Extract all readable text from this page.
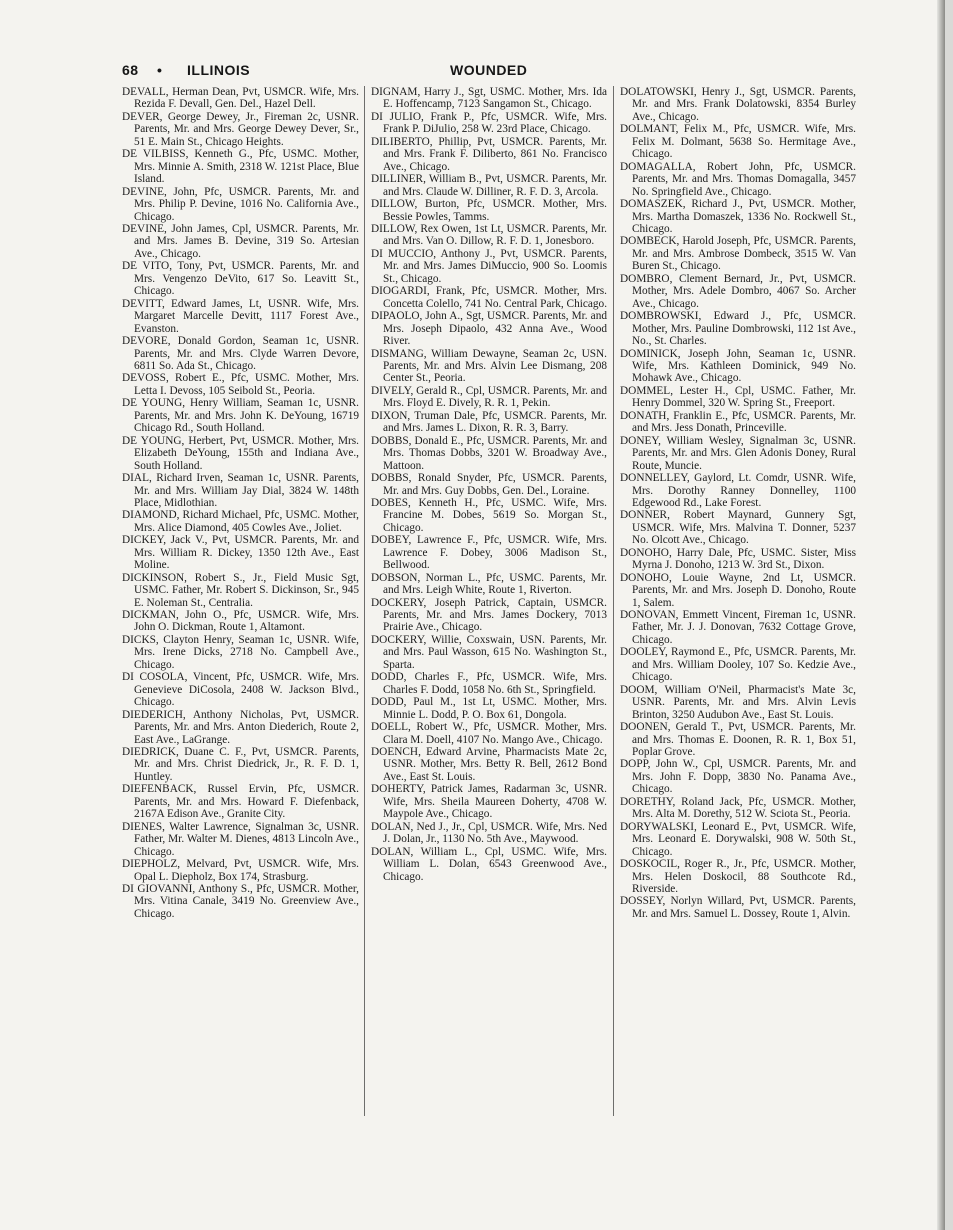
68 • ILLINOIS	WOUNDED

DEVALL, Herman Dean, Pvt, USMCR. Wife, Mrs. Rezida F. Devall, Gen. Del., Hazel Dell.

DEVER, George Dewey, Jr., Fireman 2c, USNR. Parents, Mr. and Mrs. George Dewey Dever, Sr., 51 E. Main St., Chicago Heights.

DE VILBISS, Kenneth G., Pfc, USMC. Mother, Mrs. Minnie A. Smith, 2318 W. 121st Place, Blue Island.

DEVINE, John, Pfc, USMCR. Parents, Mr. and Mrs. Philip P. Devine, 1016 No. California Ave., Chicago.

DEVINE, John James, Cpl, USMCR. Parents, Mr. and Mrs. James B. Devine, 319 So. Artesian Ave., Chicago.

DE VITO, Tony, Pvt, USMCR. Parents, Mr. and Mrs. Vengenzo DeVito, 617 So. Leavitt St., Chicago.

DEVITT, Edward James, Lt, USNR. Wife, Mrs. Margaret Marcelle Devitt, 1117 Forest Ave., Evanston.

DEVORE, Donald Gordon, Seaman 1c, USNR. Parents, Mr. and Mrs. Clyde Warren Devore, 6811 So. Ada St., Chicago.

DEVOSS, Robert E., Pfc, USMC. Mother, Mrs. Letta I. Devoss, 105 Seibold St., Peoria.

DE YOUNG, Henry William, Seaman 1c, USNR. Parents, Mr. and Mrs. John K. DeYoung, 16719 Chicago Rd., South Holland.

DE YOUNG, Herbert, Pvt, USMCR. Mother, Mrs. Elizabeth DeYoung, 155th and Indiana Ave., South Holland.

DIAL, Richard Irven, Seaman 1c, USNR. Parents, Mr. and Mrs. William Jay Dial, 3824 W. 148th Place, Midlothian.

DIAMOND, Richard Michael, Pfc, USMC. Mother, Mrs. Alice Diamond, 405 Cowles Ave., Joliet.

DICKEY, Jack V., Pvt, USMCR. Parents, Mr. and Mrs. William R. Dickey, 1350 12th Ave., East Moline.

DICKINSON, Robert S., Jr., Field Music Sgt, USMC. Father, Mr. Robert S. Dickinson, Sr., 945 E. Noleman St., Centralia.

DICKMAN, John O., Pfc, USMCR. Wife, Mrs. John O. Dickman, Route 1, Altamont.

DICKS, Clayton Henry, Seaman 1c, USNR. Wife, Mrs. Irene Dicks, 2718 No. Campbell Ave., Chicago.

DI COSOLA, Vincent, Pfc, USMCR. Wife, Mrs. Genevieve DiCosola, 2408 W. Jackson Blvd., Chicago.

DIEDERICH, Anthony Nicholas, Pvt, USMCR. Parents, Mr. and Mrs. Anton Diederich, Route 2, East Ave., LaGrange.

DIEDRICK, Duane C. F., Pvt, USMCR. Parents, Mr. and Mrs. Christ Diedrick, Jr., R. F. D. 1, Huntley.

DIEFENBACK, Russel Ervin, Pfc, USMCR. Parents, Mr. and Mrs. Howard F. Diefenback, 2167A Edison Ave., Granite City.

DIENES, Walter Lawrence, Signalman 3c, USNR. Father, Mr. Walter M. Dienes, 4813 Lincoln Ave., Chicago.

DIEPHOLZ, Melvard, Pvt, USMCR. Wife, Mrs. Opal L. Diepholz, Box 174, Strasburg.

DI GIOVANNI, Anthony S., Pfc, USMCR. Mother, Mrs. Vitina Canale, 3419 No. Greenview Ave., Chicago.

DIGNAM, Harry J., Sgt, USMC. Mother, Mrs. Ida E. Hoffencamp, 7123 Sangamon St., Chicago.

DI JULIO, Frank P., Pfc, USMCR. Wife, Mrs. Frank P. DiJulio, 258 W. 23rd Place, Chicago.

DILIBERTO, Phillip, Pvt, USMCR. Parents, Mr. and Mrs. Frank F. Diliberto, 861 No. Francisco Ave., Chicago.

DILLINER, William B., Pvt, USMCR. Parents, Mr. and Mrs. Claude W. Dilliner, R. F. D. 3, Arcola.

DILLOW, Burton, Pfc, USMCR. Mother, Mrs. Bessie Powles, Tamms.

DILLOW, Rex Owen, 1st Lt, USMCR. Parents, Mr. and Mrs. Van O. Dillow, R. F. D. 1, Jonesboro.

DI MUCCIO, Anthony J., Pvt, USMCR. Parents, Mr. and Mrs. James DiMuccio, 900 So. Loomis St., Chicago.

DIOGARDI, Frank, Pfc, USMCR. Mother, Mrs. Concetta Colello, 741 No. Central Park, Chicago.

DIPAOLO, John A., Sgt, USMCR. Parents, Mr. and Mrs. Joseph Dipaolo, 432 Anna Ave., Wood River.

DISMANG, William Dewayne, Seaman 2c, USN. Parents, Mr. and Mrs. Alvin Lee Dismang, 208 Center St., Peoria.

DIVELY, Gerald R., Cpl, USMCR. Parents, Mr. and Mrs. Floyd E. Dively, R. R. 1, Pekin.

DIXON, Truman Dale, Pfc, USMCR. Parents, Mr. and Mrs. James L. Dixon, R. R. 3, Barry.

DOBBS, Donald E., Pfc, USMCR. Parents, Mr. and Mrs. Thomas Dobbs, 3201 W. Broadway Ave., Mattoon.

DOBBS, Ronald Snyder, Pfc, USMCR. Parents, Mr. and Mrs. Guy Dobbs, Gen. Del., Loraine.

DOBES, Kenneth H., Pfc, USMC. Wife, Mrs. Francine M. Dobes, 5619 So. Morgan St., Chicago.

DOBEY, Lawrence F., Pfc, USMCR. Wife, Mrs. Lawrence F. Dobey, 3006 Madison St., Bellwood.

DOBSON, Norman L., Pfc, USMC. Parents, Mr. and Mrs. Leigh White, Route 1, Riverton.

DOCKERY, Joseph Patrick, Captain, USMCR. Parents, Mr. and Mrs. James Dockery, 7013 Prairie Ave., Chicago.

DOCKERY, Willie, Coxswain, USN. Parents, Mr. and Mrs. Paul Wasson, 615 No. Washington St., Sparta.

DODD, Charles F., Pfc, USMCR. Wife, Mrs. Charles F. Dodd, 1058 No. 6th St., Springfield.

DODD, Paul M., 1st Lt, USMC. Mother, Mrs. Minnie L. Dodd, P. O. Box 61, Dongola.

DOELL, Robert W., Pfc, USMCR. Mother, Mrs. Clara M. Doell, 4107 No. Mango Ave., Chicago.

DOENCH, Edward Arvine, Pharmacists Mate 2c, USNR. Mother, Mrs. Betty R. Bell, 2612 Bond Ave., East St. Louis.

DOHERTY, Patrick James, Radarman 3c, USNR. Wife, Mrs. Sheila Maureen Doherty, 4708 W. Maypole Ave., Chicago.

DOLAN, Ned J., Jr., Cpl, USMCR. Wife, Mrs. Ned J. Dolan, Jr., 1130 No. 5th Ave., Maywood.

DOLAN, William L., Cpl, USMC. Wife, Mrs. William L. Dolan, 6543 Greenwood Ave., Chicago.

DOLATOWSKI, Henry J., Sgt, USMCR. Parents, Mr. and Mrs. Frank Dolatowski, 8354 Burley Ave., Chicago.

DOLMANT, Felix M., Pfc, USMCR. Wife, Mrs. Felix M. Dolmant, 5638 So. Hermitage Ave., Chicago.

DOMAGALLA, Robert John, Pfc, USMCR. Parents, Mr. and Mrs. Thomas Domagalla, 3457 No. Springfield Ave., Chicago.

DOMASZEK, Richard J., Pvt, USMCR. Mother, Mrs. Martha Domaszek, 1336 No. Rockwell St., Chicago.

DOMBECK, Harold Joseph, Pfc, USMCR. Parents, Mr. and Mrs. Ambrose Dombeck, 3515 W. Van Buren St., Chicago.

DOMBRO, Clement Bernard, Jr., Pvt, USMCR. Mother, Mrs. Adele Dombro, 4067 So. Archer Ave., Chicago.

DOMBROWSKI, Edward J., Pfc, USMCR. Mother, Mrs. Pauline Dombrowski, 112 1st Ave., No., St. Charles.

DOMINICK, Joseph John, Seaman 1c, USNR. Wife, Mrs. Kathleen Dominick, 949 No. Mohawk Ave., Chicago.

DOMMEL, Lester H., Cpl, USMC. Father, Mr. Henry Dommel, 320 W. Spring St., Freeport.

DONATH, Franklin E., Pfc, USMCR. Parents, Mr. and Mrs. Jess Donath, Princeville.

DONEY, William Wesley, Signalman 3c, USNR. Parents, Mr. and Mrs. Glen Adonis Doney, Rural Route, Muncie.

DONNELLEY, Gaylord, Lt. Comdr, USNR. Wife, Mrs. Dorothy Ranney Donnelley, 1100 Edgewood Rd., Lake Forest.

DONNER, Robert Maynard, Gunnery Sgt, USMCR. Wife, Mrs. Malvina T. Donner, 5237 No. Olcott Ave., Chicago.

DONOHO, Harry Dale, Pfc, USMC. Sister, Miss Myrna J. Donoho, 1213 W. 3rd St., Dixon.

DONOHO, Louie Wayne, 2nd Lt, USMCR. Parents, Mr. and Mrs. Joseph D. Donoho, Route 1, Salem.

DONOVAN, Emmett Vincent, Fireman 1c, USNR. Father, Mr. J. J. Donovan, 7632 Cottage Grove, Chicago.

DOOLEY, Raymond E., Pfc, USMCR. Parents, Mr. and Mrs. William Dooley, 107 So. Kedzie Ave., Chicago.

DOOM, William O'Neil, Pharmacist's Mate 3c, USNR. Parents, Mr. and Mrs. Alvin Levis Brinton, 3250 Audubon Ave., East St. Louis.

DOONEN, Gerald T., Pvt, USMCR. Parents, Mr. and Mrs. Thomas E. Doonen, R. R. 1, Box 51, Poplar Grove.

DOPP, John W., Cpl, USMCR. Parents, Mr. and Mrs. John F. Dopp, 3830 No. Panama Ave., Chicago.

DORETHY, Roland Jack, Pfc, USMCR. Mother, Mrs. Alta M. Dorethy, 512 W. Sciota St., Peoria.

DORYWALSKI, Leonard E., Pvt, USMCR. Wife, Mrs. Leonard E. Dorywalski, 908 W. 50th St., Chicago.

DOSKOCIL, Roger R., Jr., Pfc, USMCR. Mother, Mrs. Helen Doskocil, 88 Southcote Rd., Riverside.

DOSSEY, Norlyn Willard, Pvt, USMCR. Parents, Mr. and Mrs. Samuel L. Dossey, Route 1, Alvin.
